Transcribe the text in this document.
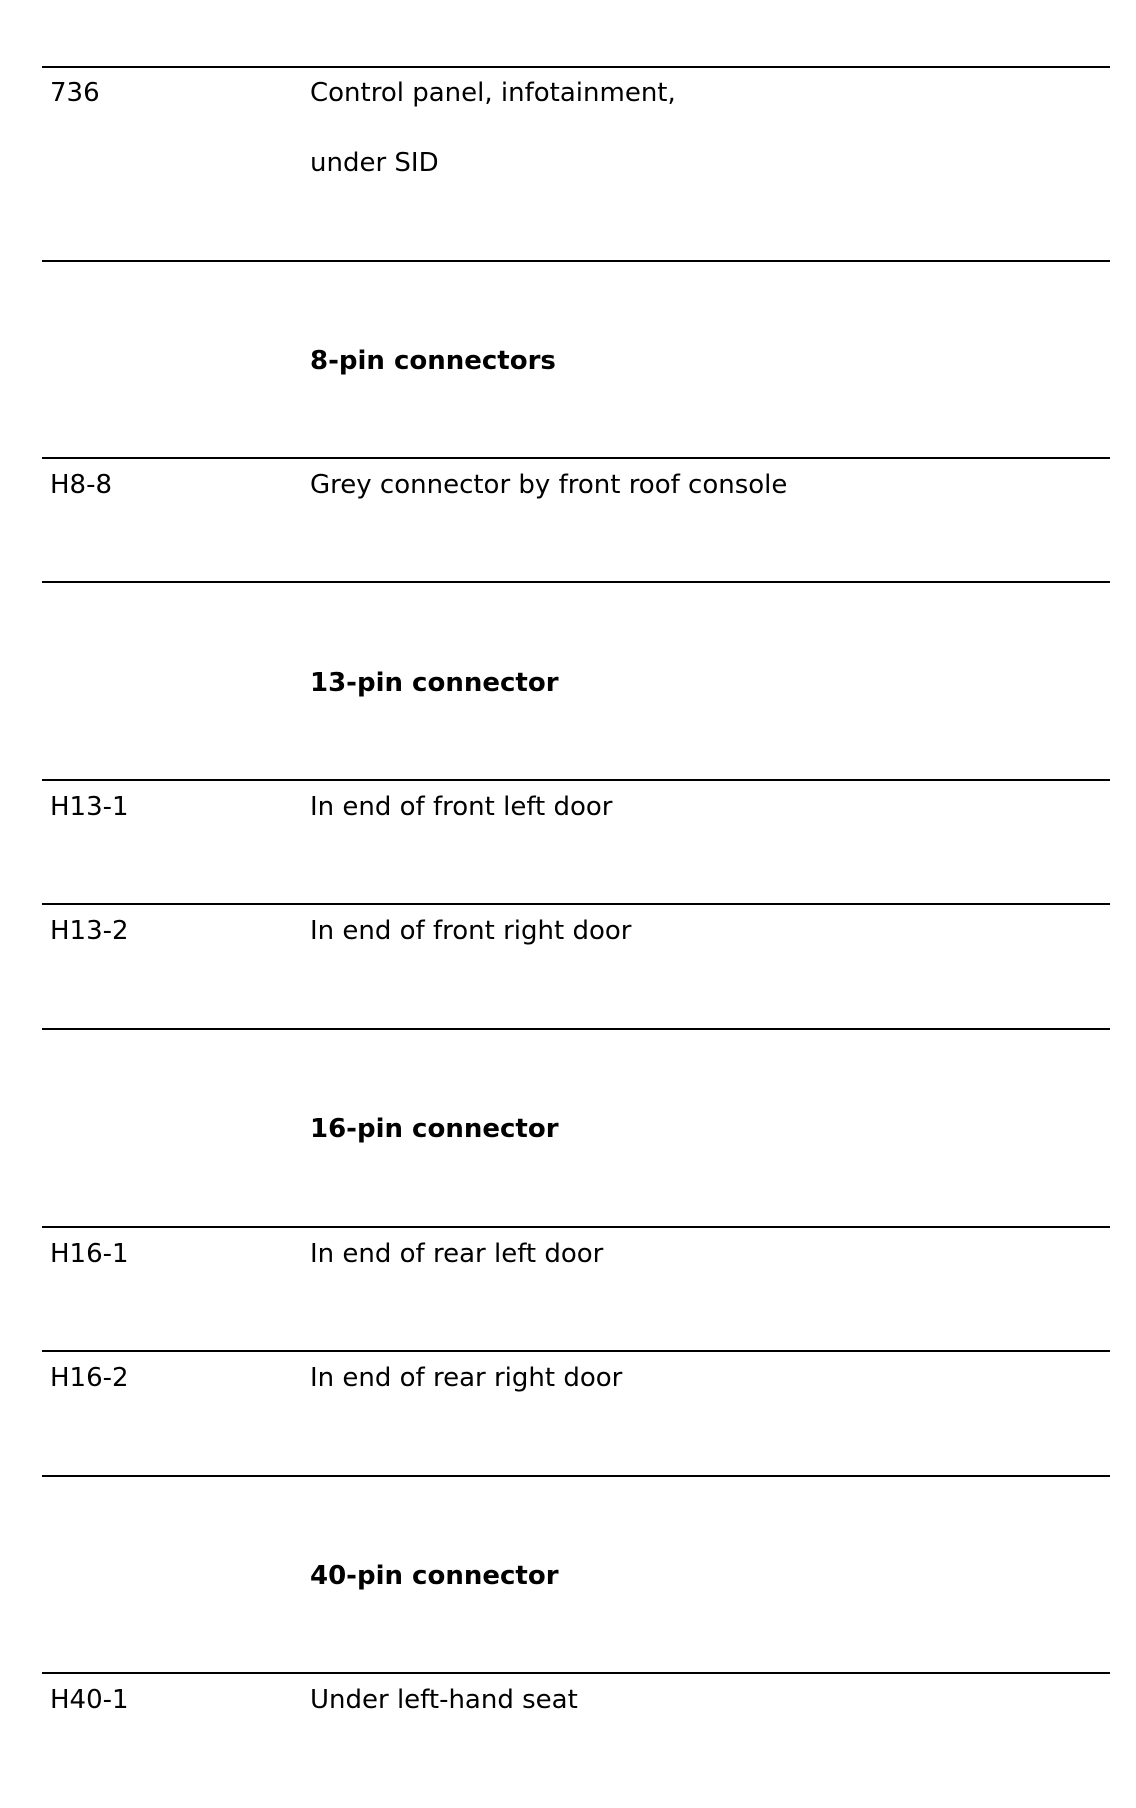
736	Control panel, infotainment,
under SID
8-pin connectors
H8-8	Grey connector by front roof console
13-pin connector
H13-1	In end of front left door
H13-2	In end of front right door
16-pin connector
H16-1	In end of rear left door
H16-2	In end of rear right door
40-pin connector
H40-1	Under left-hand seat
